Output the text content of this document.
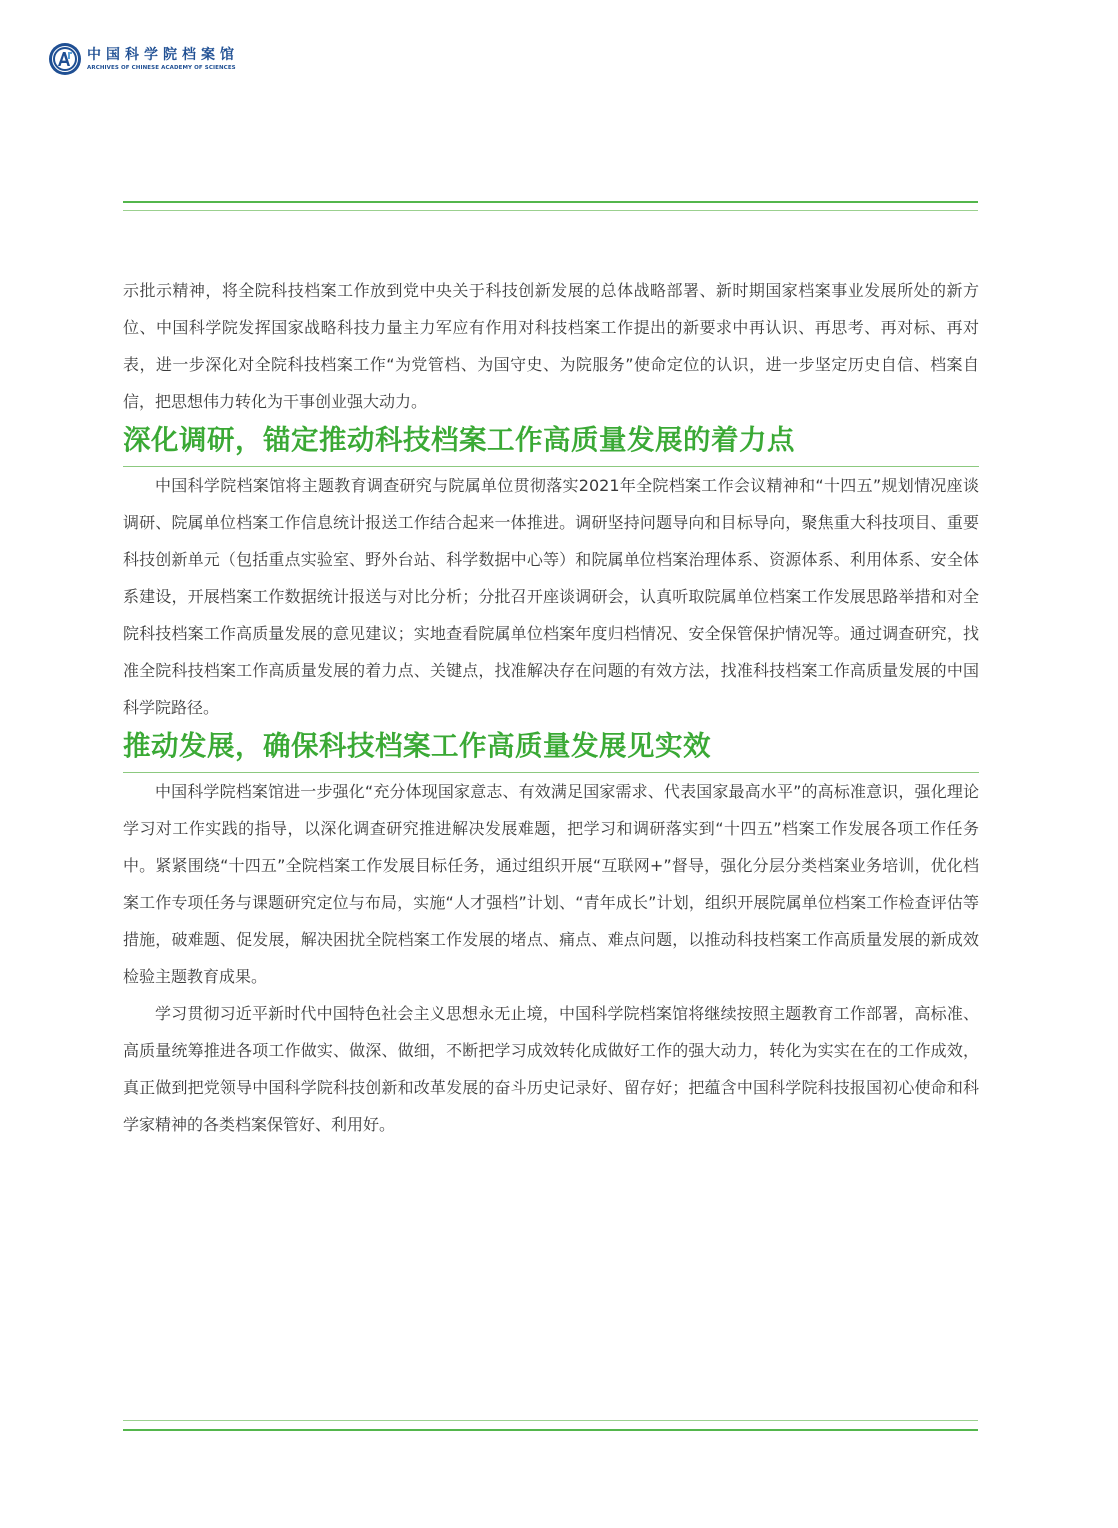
中国科学院档案馆
ARCHIVES OF CHINESE ACADEMY OF SCIENCES

示批示精神，将全院科技档案工作放到党中央关于科技创新发展的总体战略部署、新时期国家档案事业发展所处的新方位、中国科学院发挥国家战略科技力量主力军应有作用对科技档案工作提出的新要求中再认识、再思考、再对标、再对表，进一步深化对全院科技档案工作“为党管档、为国守史、为院服务”使命定位的认识，进一步坚定历史自信、档案自信，把思想伟力转化为干事创业强大动力。

深化调研，锚定推动科技档案工作高质量发展的着力点

中国科学院档案馆将主题教育调查研究与院属单位贯彻落实2021年全院档案工作会议精神和“十四五”规划情况座谈调研、院属单位档案工作信息统计报送工作结合起来一体推进。调研坚持问题导向和目标导向，聚焦重大科技项目、重要科技创新单元（包括重点实验室、野外台站、科学数据中心等）和院属单位档案治理体系、资源体系、利用体系、安全体系建设，开展档案工作数据统计报送与对比分析；分批召开座谈调研会，认真听取院属单位档案工作发展思路举措和对全院科技档案工作高质量发展的意见建议；实地查看院属单位档案年度归档情况、安全保管保护情况等。通过调查研究，找准全院科技档案工作高质量发展的着力点、关键点，找准解决存在问题的有效方法，找准科技档案工作高质量发展的中国科学院路径。

推动发展，确保科技档案工作高质量发展见实效

中国科学院档案馆进一步强化“充分体现国家意志、有效满足国家需求、代表国家最高水平”的高标准意识，强化理论学习对工作实践的指导，以深化调查研究推进解决发展难题，把学习和调研落实到“十四五”档案工作发展各项工作任务中。紧紧围绕“十四五”全院档案工作发展目标任务，通过组织开展“互联网+”督导，强化分层分类档案业务培训，优化档案工作专项任务与课题研究定位与布局，实施“人才强档”计划、“青年成长”计划，组织开展院属单位档案工作检查评估等措施，破难题、促发展，解决困扰全院档案工作发展的堵点、痛点、难点问题，以推动科技档案工作高质量发展的新成效检验主题教育成果。

学习贯彻习近平新时代中国特色社会主义思想永无止境，中国科学院档案馆将继续按照主题教育工作部署，高标准、高质量统筹推进各项工作做实、做深、做细，不断把学习成效转化成做好工作的强大动力，转化为实实在在的工作成效，真正做到把党领导中国科学院科技创新和改革发展的奋斗历史记录好、留存好；把蕴含中国科学院科技报国初心使命和科学家精神的各类档案保管好、利用好。
